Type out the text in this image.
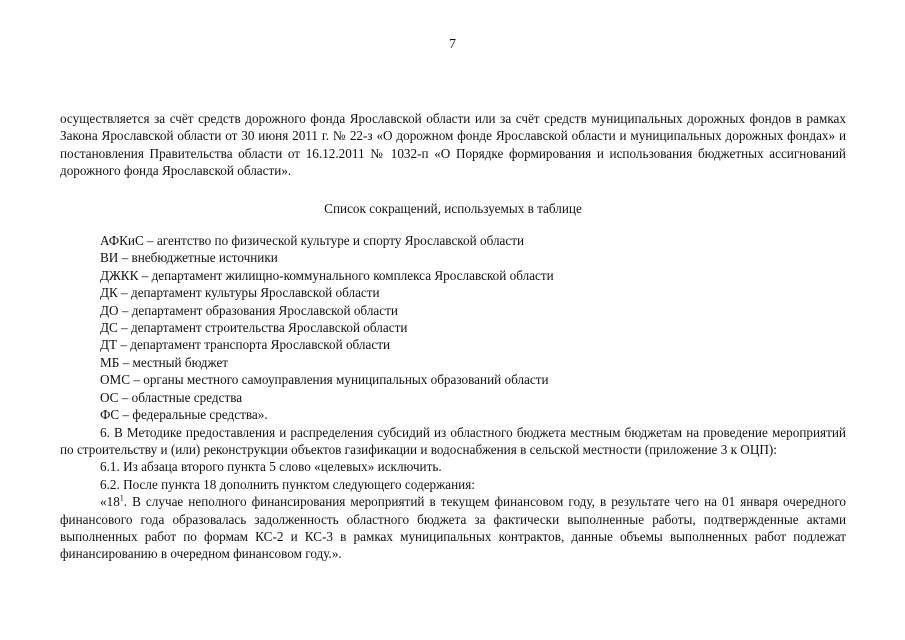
7

осуществляется за счёт средств дорожного фонда Ярославской области или за счёт средств муниципальных дорожных фондов в рамках Закона Ярославской области от 30 июня 2011 г. № 22-з «О дорожном фонде Ярославской области и муниципальных дорожных фондах» и постановления Правительства области от 16.12.2011 № 1032-п «О Порядке формирования и использования бюджетных ассигнований дорожного фонда Ярославской области».

Список сокращений, используемых в таблице

АФКиС – агентство по физической культуре и спорту Ярославской области
ВИ – внебюджетные источники
ДЖКК – департамент жилищно-коммунального комплекса Ярославской области
ДК – департамент культуры Ярославской области
ДО – департамент образования Ярославской области
ДС – департамент строительства Ярославской области
ДТ – департамент транспорта Ярославской области
МБ – местный бюджет
ОМС – органы местного самоуправления муниципальных образований области
ОС – областные средства
ФС – федеральные средства».

6. В Методике предоставления и распределения субсидий из областного бюджета местным бюджетам на проведение мероприятий по строительству и (или) реконструкции объектов газификации и водоснабжения в сельской местности (приложение 3 к ОЦП):

6.1. Из абзаца второго пункта 5 слово «целевых» исключить.

6.2. После пункта 18 дополнить пунктом следующего содержания:

«$18^1$. В случае неполного финансирования мероприятий в текущем финансовом году, в результате чего на 01 января очередного финансового года образовалась задолженность областного бюджета за фактически выполненные работы, подтвержденные актами выполненных работ по формам КС-2 и КС-3 в рамках муниципальных контрактов, данные объемы выполненных работ подлежат финансированию в очередном финансовом году.».
